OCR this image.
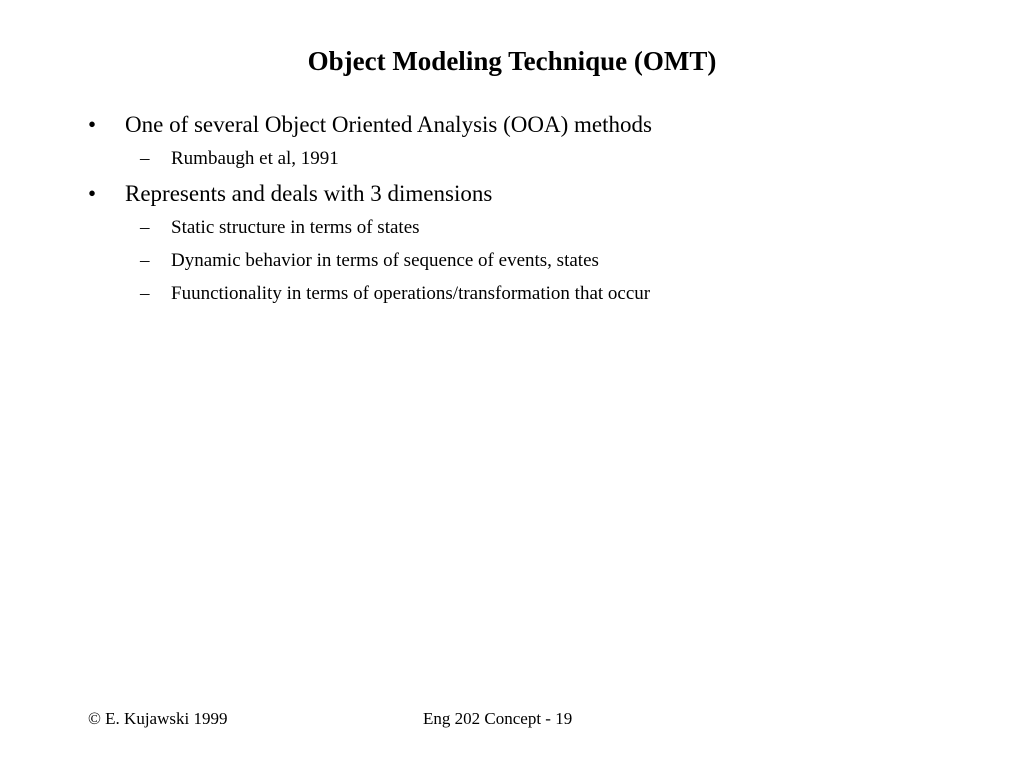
Object Modeling Technique (OMT)
• One of several Object Oriented Analysis (OOA) methods
– Rumbaugh et al, 1991
• Represents and deals with 3 dimensions
– Static structure in terms of states
– Dynamic behavior in terms of sequence of events, states
– Fuunctionality in terms of operations/transformation that occur
© E. Kujawski 1999	Eng 202 Concept - 19
